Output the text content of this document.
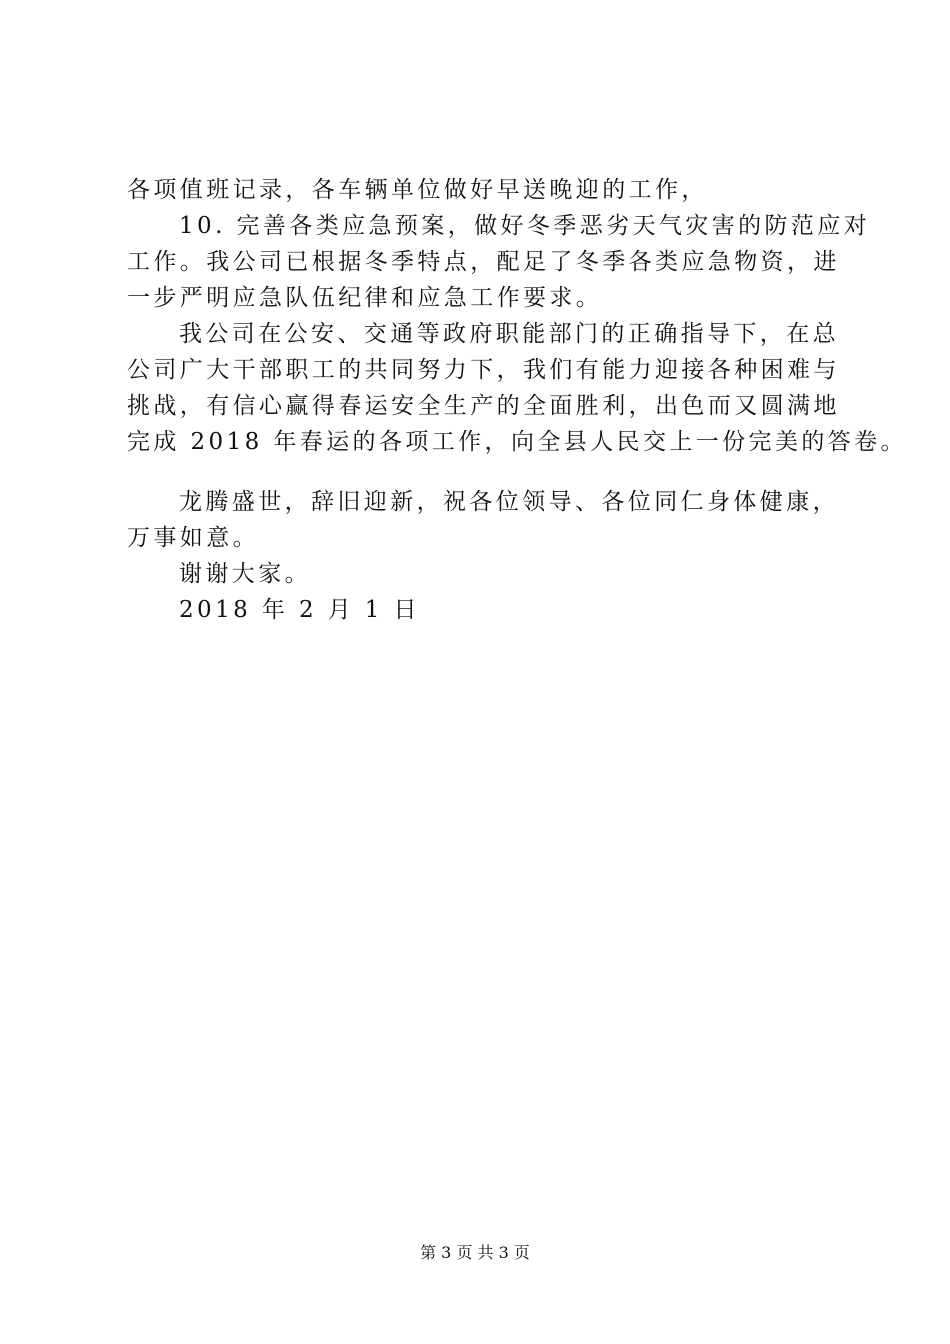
各项值班记录，各车辆单位做好早送晚迎的工作，
10. 完善各类应急预案，做好冬季恶劣天气灾害的防范应对
工作。我公司已根据冬季特点，配足了冬季各类应急物资，进
一步严明应急队伍纪律和应急工作要求。
我公司在公安、交通等政府职能部门的正确指导下，在总
公司广大干部职工的共同努力下，我们有能力迎接各种困难与
挑战，有信心赢得春运安全生产的全面胜利，出色而又圆满地
完成 2018 年春运的各项工作，向全县人民交上一份完美的答卷。
龙腾盛世，辞旧迎新，祝各位领导、各位同仁身体健康，
万事如意。
谢谢大家。
2018 年 2 月 1 日
第 3 页 共 3 页
